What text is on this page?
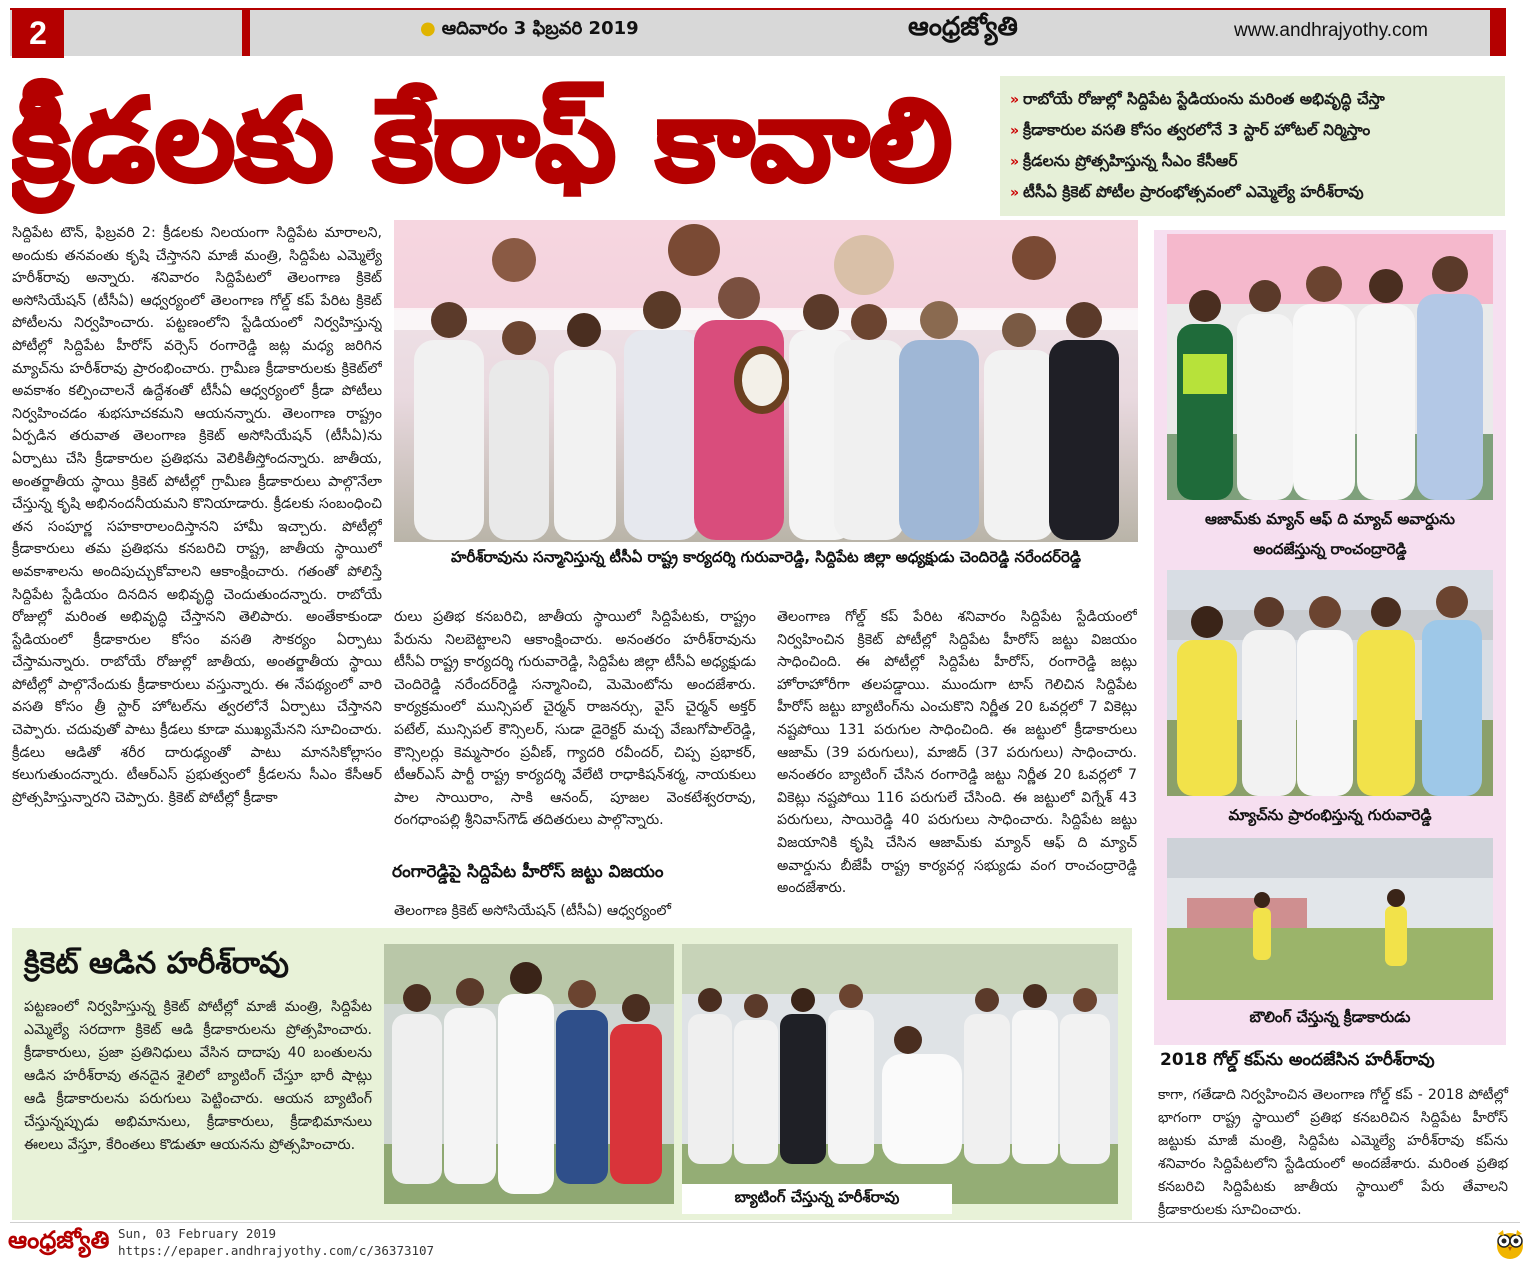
2	● ఆదివారం 3 ఫిబ్రవరి 2019	ఆంధ్రజ్యోతి	www.andhrajyothy.com
క్రీడలకు కేరాఫ్ కావాలి	» రాబోయే రోజుల్లో సిద్దిపేట స్టేడియంను మరింత అభివృద్ధి చేస్తా
» క్రీడాకారుల వసతి కోసం త్వరలోనే 3 స్టార్ హోటల్ నిర్మిస్తాం
» క్రీడలను ప్రోత్సహిస్తున్న సీఎం కేసీఆర్
» టీసీఏ క్రికెట్ పోటీల ప్రారంభోత్సవంలో ఎమ్మెల్యే హరీశ్‌రావు
సిద్దిపేట టౌన్, ఫిబ్రవరి 2: క్రీడలకు నిలయంగా సిద్దిపేట మారాలని, అందుకు తనవంతు కృషి చేస్తానని మాజీ మంత్రి, సిద్దిపేట ఎమ్మెల్యే హరీశ్‌రావు అన్నారు. శనివారం సిద్దిపేటలో తెలంగాణ క్రికెట్ అసోసియేషన్ (టీసీఏ) ఆధ్వర్యంలో తెలంగాణ గోల్డ్ కప్ పేరిట క్రికెట్ పోటీలను నిర్వహించారు. పట్టణంలోని స్టేడియంలో నిర్వహిస్తున్న పోటీల్లో సిద్దిపేట హీరోస్ వర్సెస్ రంగారెడ్డి జట్ల మధ్య జరిగిన మ్యాచ్‌ను హరీశ్‌రావు ప్రారంభించారు. గ్రామీణ క్రీడాకారులకు క్రికెట్‌లో అవకాశం కల్పించాలనే ఉద్దేశంతో టీసీఏ ఆధ్వర్యంలో క్రీడా పోటీలు నిర్వహించడం శుభసూచకమని ఆయనన్నారు. తెలంగాణ రాష్ట్రం ఏర్పడిన తరువాత తెలంగాణ క్రికెట్ అసోసియేషన్ (టీసీఏ)ను ఏర్పాటు చేసి క్రీడాకారుల ప్రతిభను వెలికితీస్తోందన్నారు. జాతీయ, అంతర్జాతీయ స్థాయి క్రికెట్ పోటీల్లో గ్రామీణ క్రీడాకారులు పాల్గొనేలా చేస్తున్న కృషి అభినందనీయమని కొనియాడారు. క్రీడలకు సంబంధించి తన సంపూర్ణ సహకారాలందిస్తానని హామీ ఇచ్చారు. పోటీల్లో క్రీడాకారులు తమ ప్రతిభను కనబరిచి రాష్ట్ర, జాతీయ స్థాయిలో అవకాశాలను అందిపుచ్చుకోవాలని ఆకాంక్షించారు. గతంతో పోలిస్తే సిద్దిపేట స్టేడియం దినదిన అభివృద్ధి చెందుతుందన్నారు. రాబోయే రోజుల్లో మరింత అభివృద్ధి చేస్తానని తెలిపారు. అంతేకాకుండా స్టేడియంలో క్రీడాకారుల కోసం వసతి సౌకర్యం ఏర్పాటు చేస్తామన్నారు. రాబోయే రోజుల్లో జాతీయ, అంతర్జాతీయ స్థాయి పోటీల్లో పాల్గొనేందుకు క్రీడాకారులు వస్తున్నారు. ఈ నేపథ్యంలో వారి వసతి కోసం త్రీ స్టార్ హోటల్‌ను త్వరలోనే ఏర్పాటు చేస్తానని చెప్పారు. చదువుతో పాటు క్రీడలు కూడా ముఖ్యమేనని సూచించారు. క్రీడలు ఆడితో శరీర దారుఢ్యంతో పాటు మానసికోల్లాసం కలుగుతుందన్నారు. టీఆర్ఎస్ ప్రభుత్వంలో క్రీడలను సీఎం కేసీఆర్ ప్రోత్సహిస్తున్నారని చెప్పారు. క్రికెట్ పోటీల్లో క్రీడాకా
రులు ప్రతిభ కనబరిచి, జాతీయ స్థాయిలో సిద్దిపేటకు, రాష్ట్రం పేరును నిలబెట్టాలని ఆకాంక్షించారు. అనంతరం హరీశ్‌రావును టీసీఏ రాష్ట్ర కార్యదర్శి గురువారెడ్డి, సిద్దిపేట జిల్లా టీసీఏ అధ్యక్షుడు చెందిరెడ్డి నరేందర్‌రెడ్డి సన్మానించి, మెమెంటోను అందజేశారు. కార్యక్రమంలో మున్సిపల్ చైర్మన్ రాజనర్సు, వైస్ చైర్మన్ అక్తర్ పటేల్, మున్సిపల్ కౌన్సిలర్, సుడా డైరెక్టర్ మచ్చ వేణుగోపాల్‌రెడ్డి, కౌన్సిలర్లు కెమ్మసారం ప్రవీణ్, గ్యాదరి రవీందర్, చిప్ప ప్రభాకర్, టీఆర్ఎస్ పార్టీ రాష్ట్ర కార్యదర్శి వేలేటి రాధాకిషన్‌శర్మ, నాయకులు పాల సాయిరాం, సాకి ఆనంద్, పూజల వెంకటేశ్వరరావు, రంగధాంపల్లి శ్రీనివాస్‌గౌడ్ తదితరులు పాల్గొన్నారు.
రంగారెడ్డిపై సిద్దిపేట హీరోస్ జట్టు విజయం
తెలంగాణ క్రికెట్ అసోసియేషన్ (టీసీఏ) ఆధ్వర్యంలో
తెలంగాణ గోల్డ్ కప్ పేరిట శనివారం సిద్దిపేట స్టేడియంలో నిర్వహించిన క్రికెట్ పోటీల్లో సిద్దిపేట హీరోస్ జట్టు విజయం సాధించింది. ఈ పోటీల్లో సిద్దిపేట హీరోస్, రంగారెడ్డి జట్లు హోరాహోరీగా తలపడ్డాయి. ముందుగా టాస్ గెలిచిన సిద్దిపేట హీరోస్ జట్టు బ్యాటింగ్‌ను ఎంచుకొని నిర్ణీత 20 ఓవర్లలో 7 వికెట్లు నష్టపోయి 131 పరుగుల సాధించింది. ఈ జట్టులో క్రీడాకారులు ఆజామ్ (39 పరుగులు), మాజిద్ (37 పరుగులు) సాధించారు. అనంతరం బ్యాటింగ్ చేసిన రంగారెడ్డి జట్టు నిర్ణీత 20 ఓవర్లలో 7 వికెట్లు నష్టపోయి 116 పరుగులే చేసింది. ఈ జట్టులో విగ్నేశ్ 43 పరుగులు, సాయిరెడ్డి 40 పరుగులు సాధించారు. సిద్దిపేట జట్టు విజయానికి కృషి చేసిన ఆజామ్‌కు మ్యాన్ ఆఫ్ ది మ్యాచ్ అవార్డును బీజేపీ రాష్ట్ర కార్యవర్గ సభ్యుడు వంగ రాంచంద్రారెడ్డి అందజేశారు.
హరీశ్‌రావును సన్మానిస్తున్న టీసీఏ రాష్ట్ర కార్యదర్శి గురువారెడ్డి, సిద్దిపేట జిల్లా అధ్యక్షుడు చెందిరెడ్డి నరేందర్‌రెడ్డి
ఆజామ్‌కు మ్యాన్ ఆఫ్ ది మ్యాచ్ అవార్డును
అందజేస్తున్న రాంచంద్రారెడ్డి
మ్యాచ్‌ను ప్రారంభిస్తున్న గురువారెడ్డి
బౌలింగ్ చేస్తున్న క్రీడాకారుడు
క్రికెట్ ఆడిన హరీశ్‌రావు
పట్టణంలో నిర్వహిస్తున్న క్రికెట్ పోటీల్లో మాజీ మంత్రి, సిద్దిపేట ఎమ్మెల్యే సరదాగా క్రికెట్ ఆడి క్రీడాకారులను ప్రోత్సహించారు. క్రీడాకారులు, ప్రజా ప్రతినిధులు వేసిన దాదాపు 40 బంతులను ఆడిన హరీశ్‌రావు తనదైన శైలిలో బ్యాటింగ్ చేస్తూ భారీ షాట్లు ఆడి క్రీడాకారులను పరుగులు పెట్టించారు. ఆయన బ్యాటింగ్ చేస్తున్నప్పుడు అభిమానులు, క్రీడాకారులు, క్రీడాభిమానులు ఈలలు వేస్తూ, కేరింతలు కొడుతూ ఆయనను ప్రోత్సహించారు.
బ్యాటింగ్ చేస్తున్న హరీశ్‌రావు
2018 గోల్డ్ కప్‌ను అందజేసిన హరీశ్‌రావు
కాగా, గతేడాది నిర్వహించిన తెలంగాణ గోల్డ్ కప్ - 2018 పోటీల్లో భాగంగా రాష్ట్ర స్థాయిలో ప్రతిభ కనబరిచిన సిద్దిపేట హీరోస్ జట్టుకు మాజీ మంత్రి, సిద్దిపేట ఎమ్మెల్యే హరీశ్‌రావు కప్‌ను శనివారం సిద్దిపేటలోని స్టేడియంలో అందజేశారు. మరింత ప్రతిభ కనబరిచి సిద్దిపేటకు జాతీయ స్థాయిలో పేరు తేవాలని క్రీడాకారులకు సూచించారు.
ఆంధ్రజ్యోతి Sun, 03 February 2019
https://epaper.andhrajyothy.com/c/36373107
